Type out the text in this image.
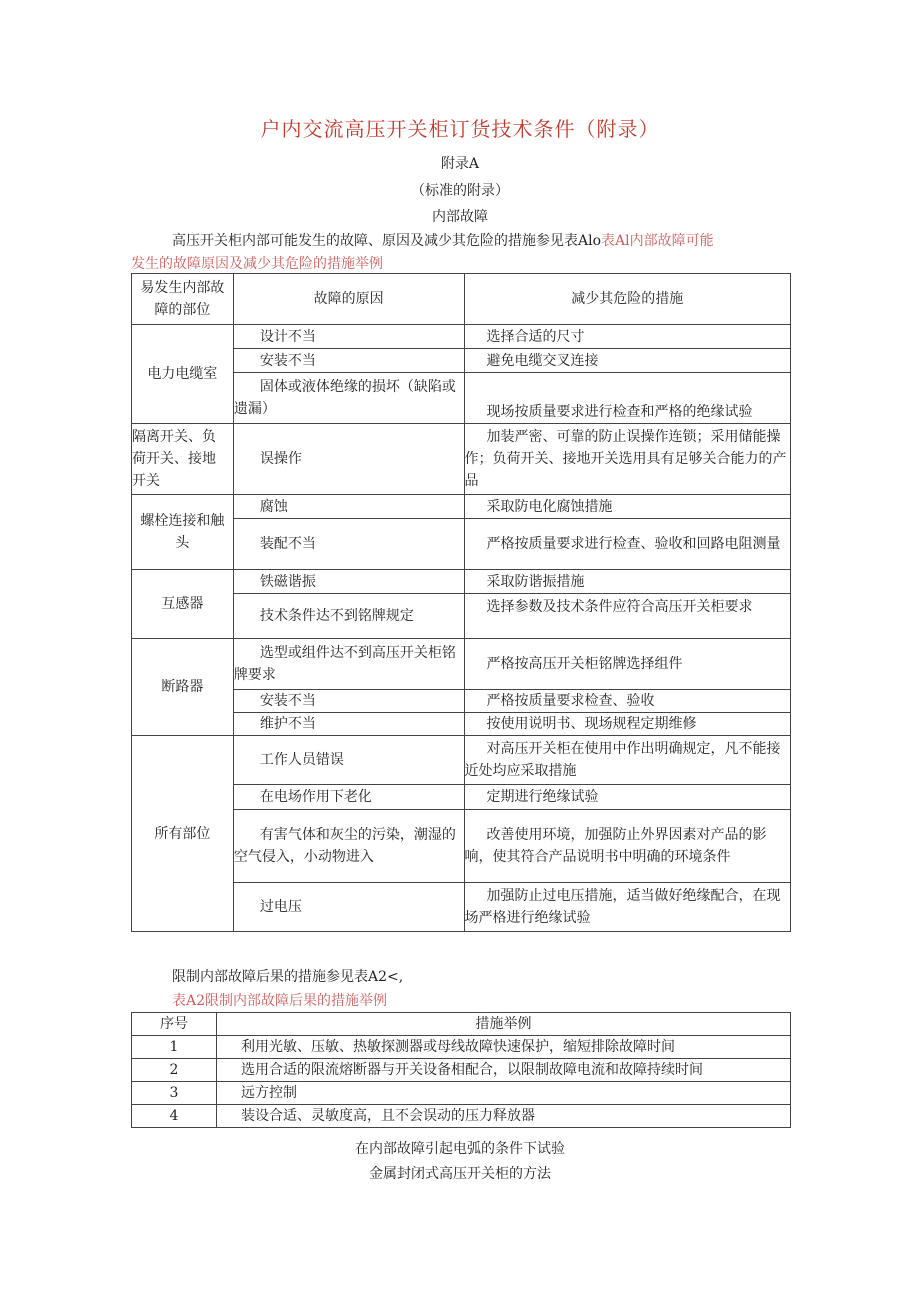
户内交流高压开关柜订货技术条件（附录）
附录A
（标准的附录）
内部故障
高压开关柜内部可能发生的故障、原因及减少其危险的措施参见表Alo表Al内部故障可能
发生的故障原因及减少其危险的措施举例
易发生内部故障的部位	故障的原因	减少其危险的措施
电力电缆室	设计不当	选择合适的尺寸
	安装不当	避免电缆交叉连接
	固体或液体绝缘的损坏（缺陷或遗漏）	现场按质量要求进行检查和严格的绝缘试验
隔离开关、负荷开关、接地开关	误操作	加装严密、可靠的防止误操作连锁；采用储能操作；负荷开关、接地开关选用具有足够关合能力的产品
螺栓连接和触头	腐蚀	采取防电化腐蚀措施
	装配不当	严格按质量要求进行检查、验收和回路电阻测量
互感器	铁磁谐振	采取防谐振措施
	技术条件达不到铭牌规定	选择参数及技术条件应符合高压开关柜要求
断路器	选型或组件达不到高压开关柜铭牌要求	严格按高压开关柜铭牌选择组件
	安装不当	严格按质量要求检查、验收
	维护不当	按使用说明书、现场规程定期维修
所有部位	工作人员错误	对高压开关柜在使用中作出明确规定，凡不能接近处均应采取措施
	在电场作用下老化	定期进行绝缘试验
	有害气体和灰尘的污染，潮湿的空气侵入，小动物进入	改善使用环境，加强防止外界因素对产品的影响，使其符合产品说明书中明确的环境条件
	过电压	加强防止过电压措施，适当做好绝缘配合，在现场严格进行绝缘试验
限制内部故障后果的措施参见表A2<,
表A2限制内部故障后果的措施举例
序号	措施举例
1	利用光敏、压敏、热敏探测器或母线故障快速保护，缩短排除故障时间
2	选用合适的限流熔断器与开关设备相配合，以限制故障电流和故障持续时间
3	远方控制
4	装设合适、灵敏度高，且不会误动的压力释放器
在内部故障引起电弧的条件下试验
金属封闭式高压开关柜的方法
